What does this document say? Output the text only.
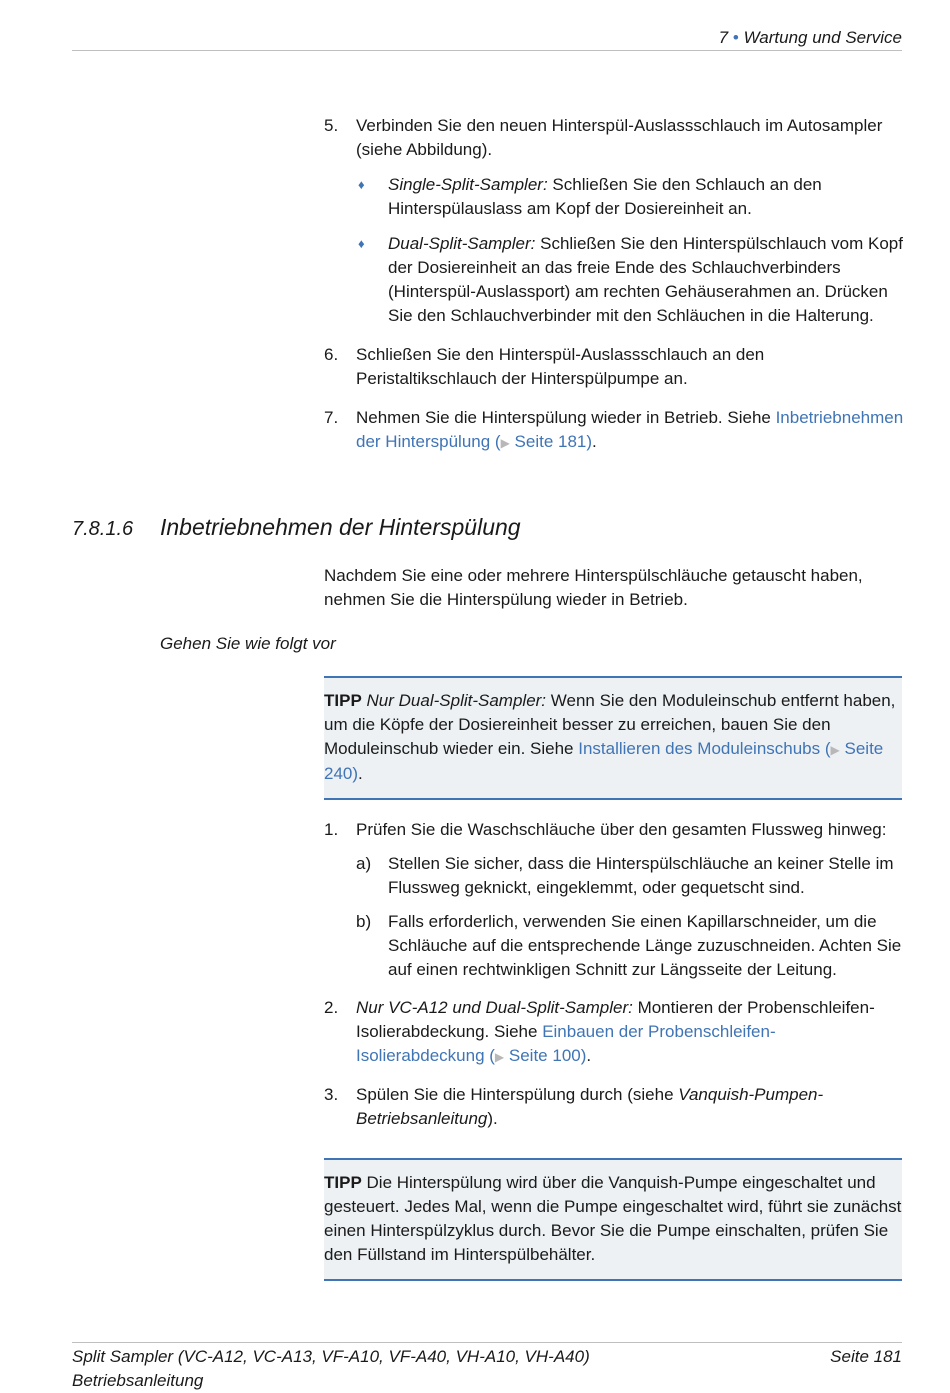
7 • Wartung und Service
5. Verbinden Sie den neuen Hinterspül-Auslassschlauch im Autosampler (siehe Abbildung).
♦ Single-Split-Sampler: Schließen Sie den Schlauch an den Hinterspülauslass am Kopf der Dosiereinheit an.
♦ Dual-Split-Sampler: Schließen Sie den Hinterspülschlauch vom Kopf der Dosiereinheit an das freie Ende des Schlauchverbinders (Hinterspül-Auslassport) am rechten Gehäuserahmen an. Drücken Sie den Schlauchverbinder mit den Schläuchen in die Halterung.
6. Schließen Sie den Hinterspül-Auslassschlauch an den Peristaltikschlauch der Hinterspülpumpe an.
7. Nehmen Sie die Hinterspülung wieder in Betrieb. Siehe Inbetriebnehmen der Hinterspülung (▶ Seite 181).
7.8.1.6 Inbetriebnehmen der Hinterspülung
Nachdem Sie eine oder mehrere Hinterspülschläuche getauscht haben, nehmen Sie die Hinterspülung wieder in Betrieb.
Gehen Sie wie folgt vor
TIPP Nur Dual-Split-Sampler: Wenn Sie den Moduleinschub entfernt haben, um die Köpfe der Dosiereinheit besser zu erreichen, bauen Sie den Moduleinschub wieder ein. Siehe Installieren des Moduleinschubs (▶ Seite 240).
1. Prüfen Sie die Waschschläuche über den gesamten Flussweg hinweg:
a) Stellen Sie sicher, dass die Hinterspülschläuche an keiner Stelle im Flussweg geknickt, eingeklemmt, oder gequetscht sind.
b) Falls erforderlich, verwenden Sie einen Kapillarschneider, um die Schläuche auf die entsprechende Länge zuzuschneiden. Achten Sie auf einen rechtwinkligen Schnitt zur Längsseite der Leitung.
2. Nur VC-A12 und Dual-Split-Sampler: Montieren der Probenschleifen-Isolierabdeckung. Siehe Einbauen der Probenschleifen-Isolierabdeckung (▶ Seite 100).
3. Spülen Sie die Hinterspülung durch (siehe Vanquish-Pumpen-Betriebsanleitung).
TIPP Die Hinterspülung wird über die Vanquish-Pumpe eingeschaltet und gesteuert. Jedes Mal, wenn die Pumpe eingeschaltet wird, führt sie zunächst einen Hinterspülzyklus durch. Bevor Sie die Pumpe einschalten, prüfen Sie den Füllstand im Hinterspülbehälter.
Split Sampler (VC-A12, VC-A13, VF-A10, VF-A40, VH-A10, VH-A40)
Betriebsanleitung
Seite 181
